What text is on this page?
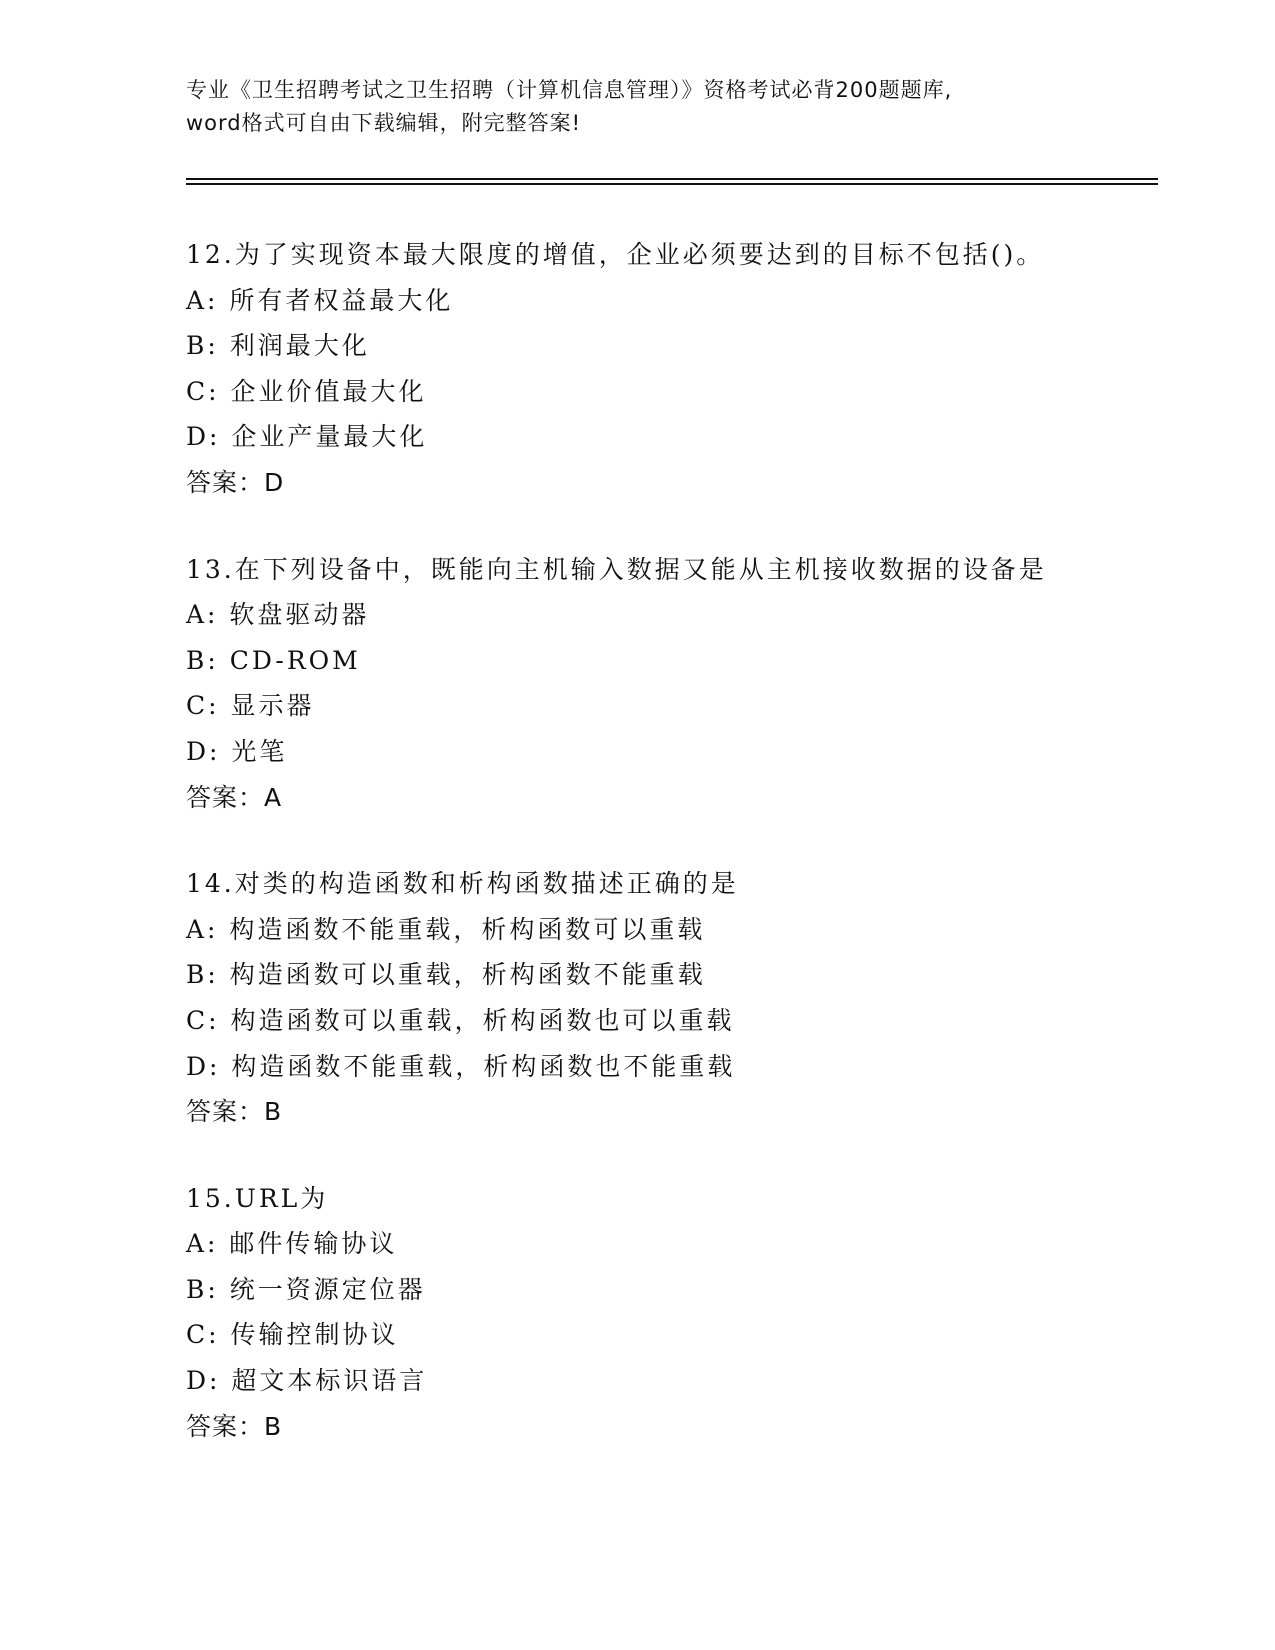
专业《卫生招聘考试之卫生招聘（计算机信息管理）》资格考试必背200题题库,
word格式可自由下载编辑，附完整答案!
12.为了实现资本最大限度的增值，企业必须要达到的目标不包括()。
A: 所有者权益最大化
B: 利润最大化
C: 企业价值最大化
D: 企业产量最大化
答案：D
13.在下列设备中，既能向主机输入数据又能从主机接收数据的设备是
A: 软盘驱动器
B: CD-ROM
C: 显示器
D: 光笔
答案：A
14.对类的构造函数和析构函数描述正确的是
A: 构造函数不能重载，析构函数可以重载
B: 构造函数可以重载，析构函数不能重载
C: 构造函数可以重载，析构函数也可以重载
D: 构造函数不能重载，析构函数也不能重载
答案：B
15.URL为
A: 邮件传输协议
B: 统一资源定位器
C: 传输控制协议
D: 超文本标识语言
答案：B
